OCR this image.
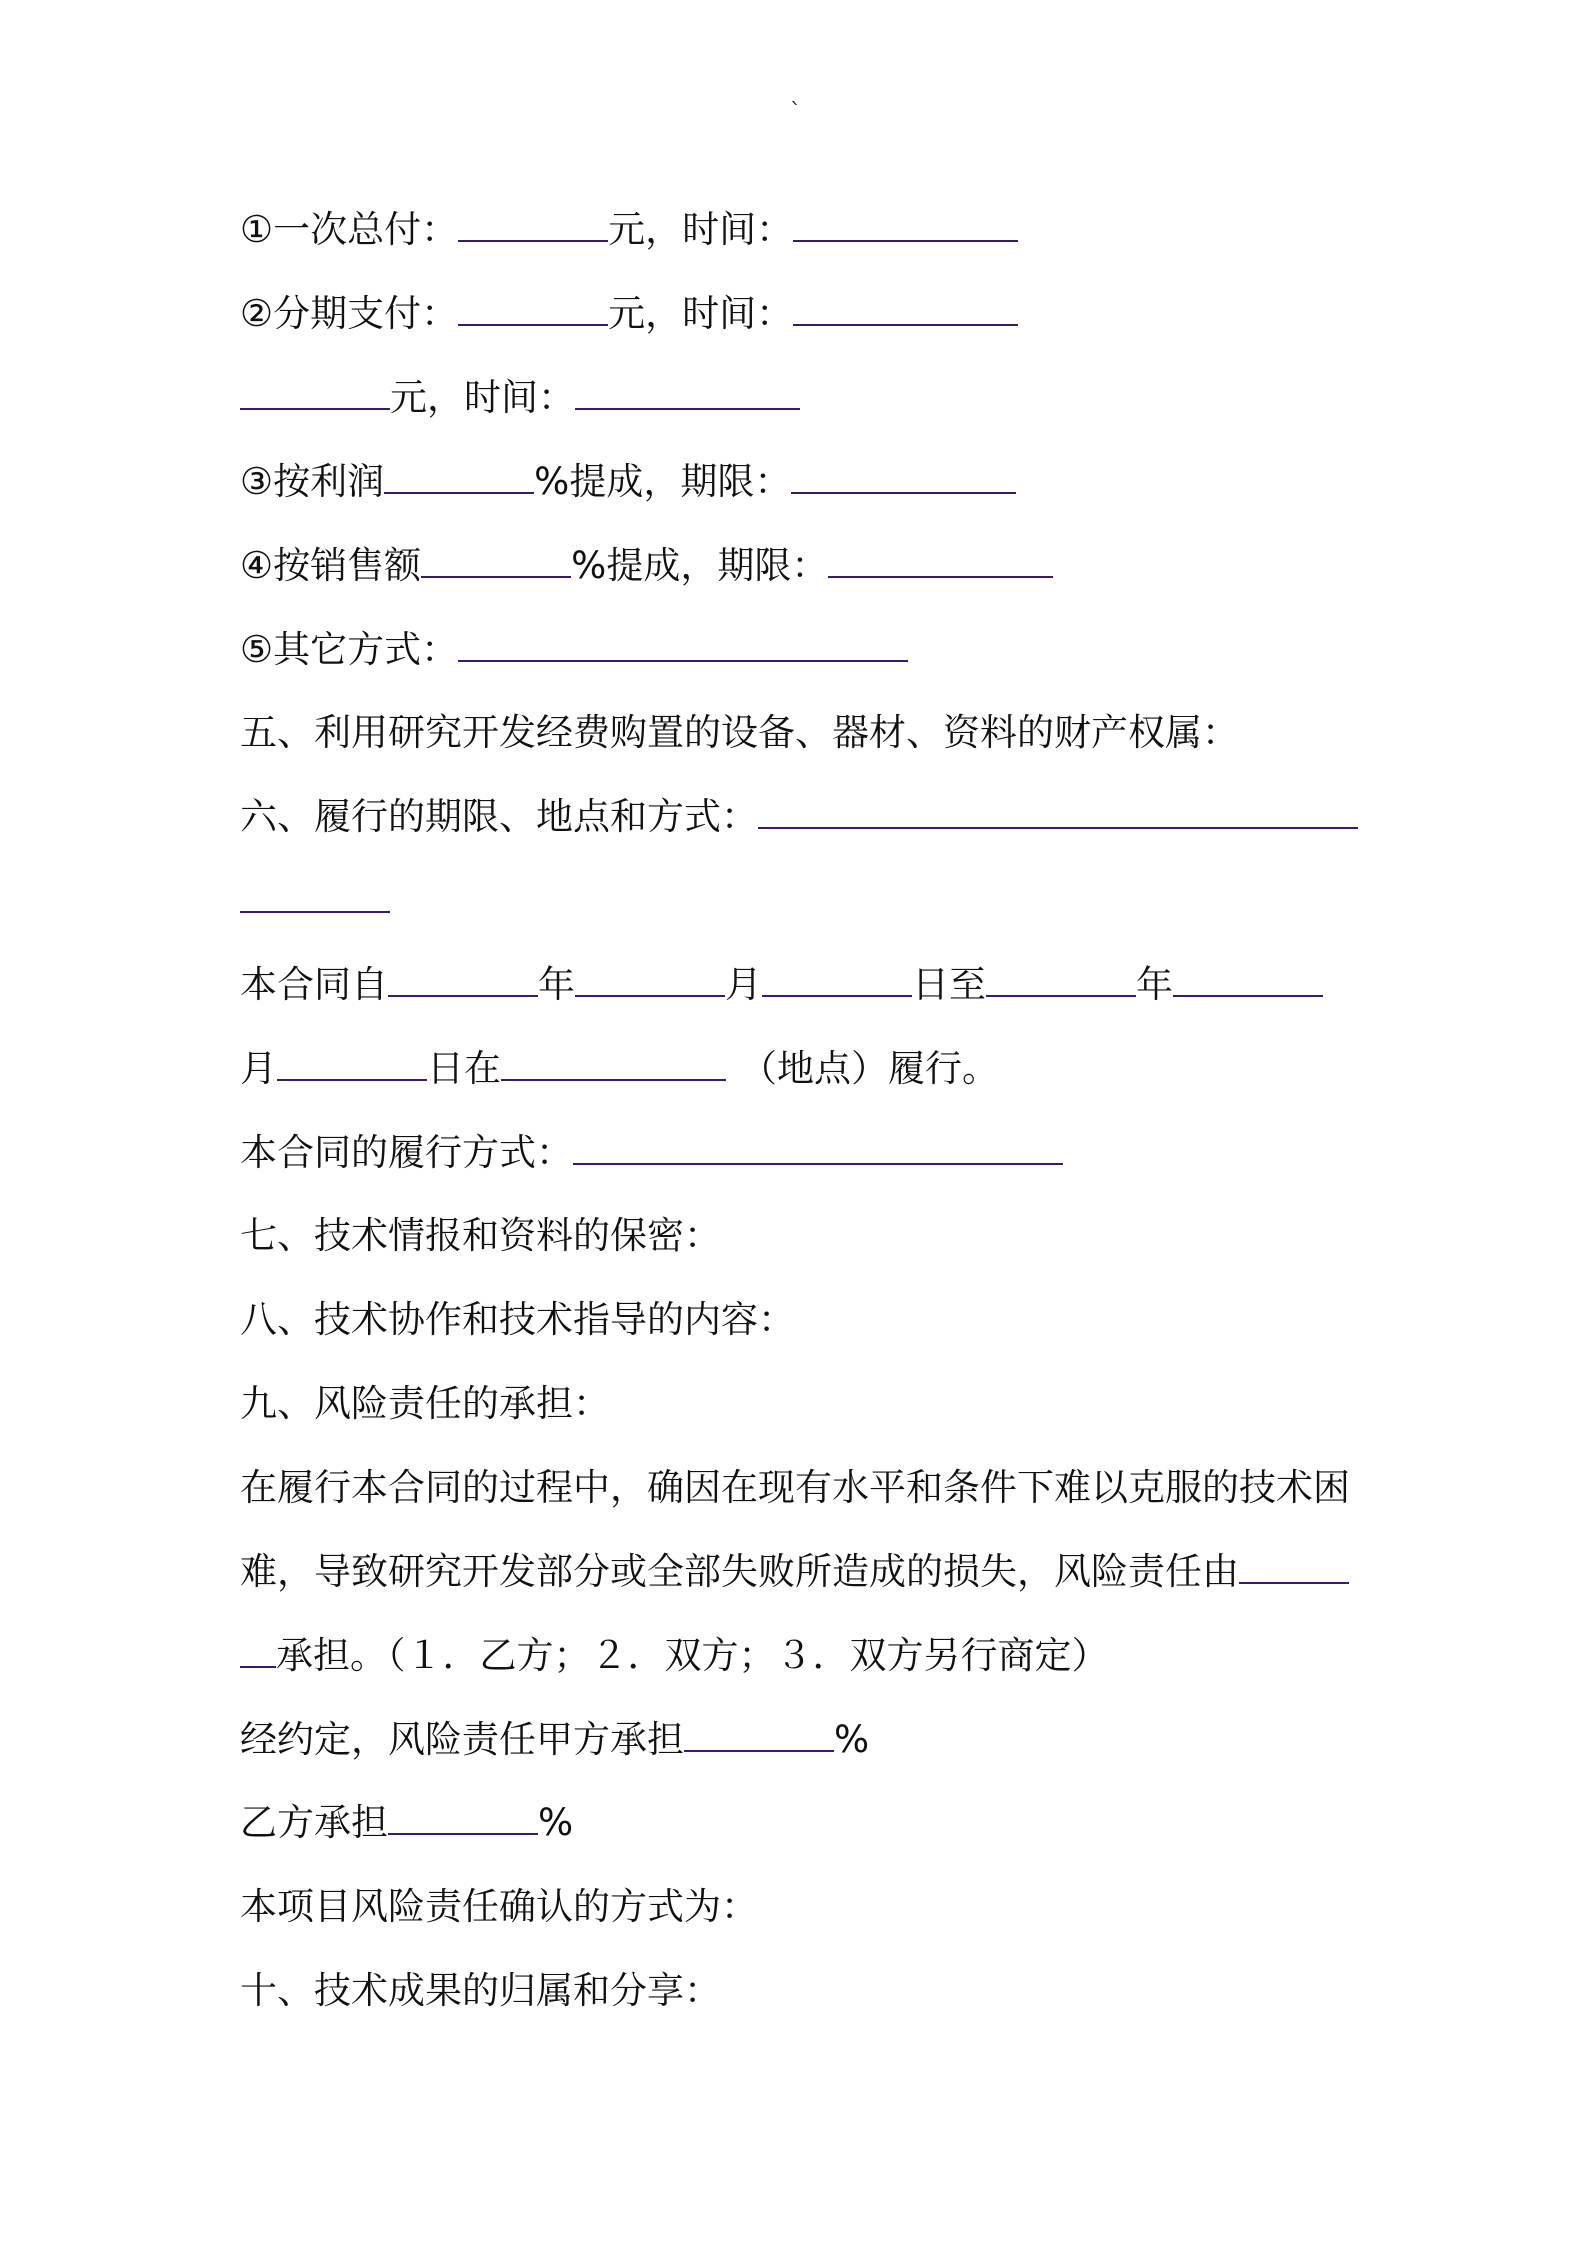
`
①一次总付：	元，时间：
②分期支付：	元，时间：
元，时间：
③按利润	%提成，期限：
④按销售额	%提成，期限：
⑤其它方式：
五、利用研究开发经费购置的设备、器材、资料的财产权属：
六、履行的期限、地点和方式：
本合同自	年	月	日至	年
月	日在	（地点）履行。
本合同的履行方式：
七、技术情报和资料的保密：
八、技术协作和技术指导的内容：
九、风险责任的承担：
在履行本合同的过程中，确因在现有水平和条件下难以克服的技术困
难，导致研究开发部分或全部失败所造成的损失，风险责任由
承担。（１．乙方；２．双方；３．双方另行商定）
经约定，风险责任甲方承担	%
乙方承担	%
本项目风险责任确认的方式为：
十、技术成果的归属和分享：
